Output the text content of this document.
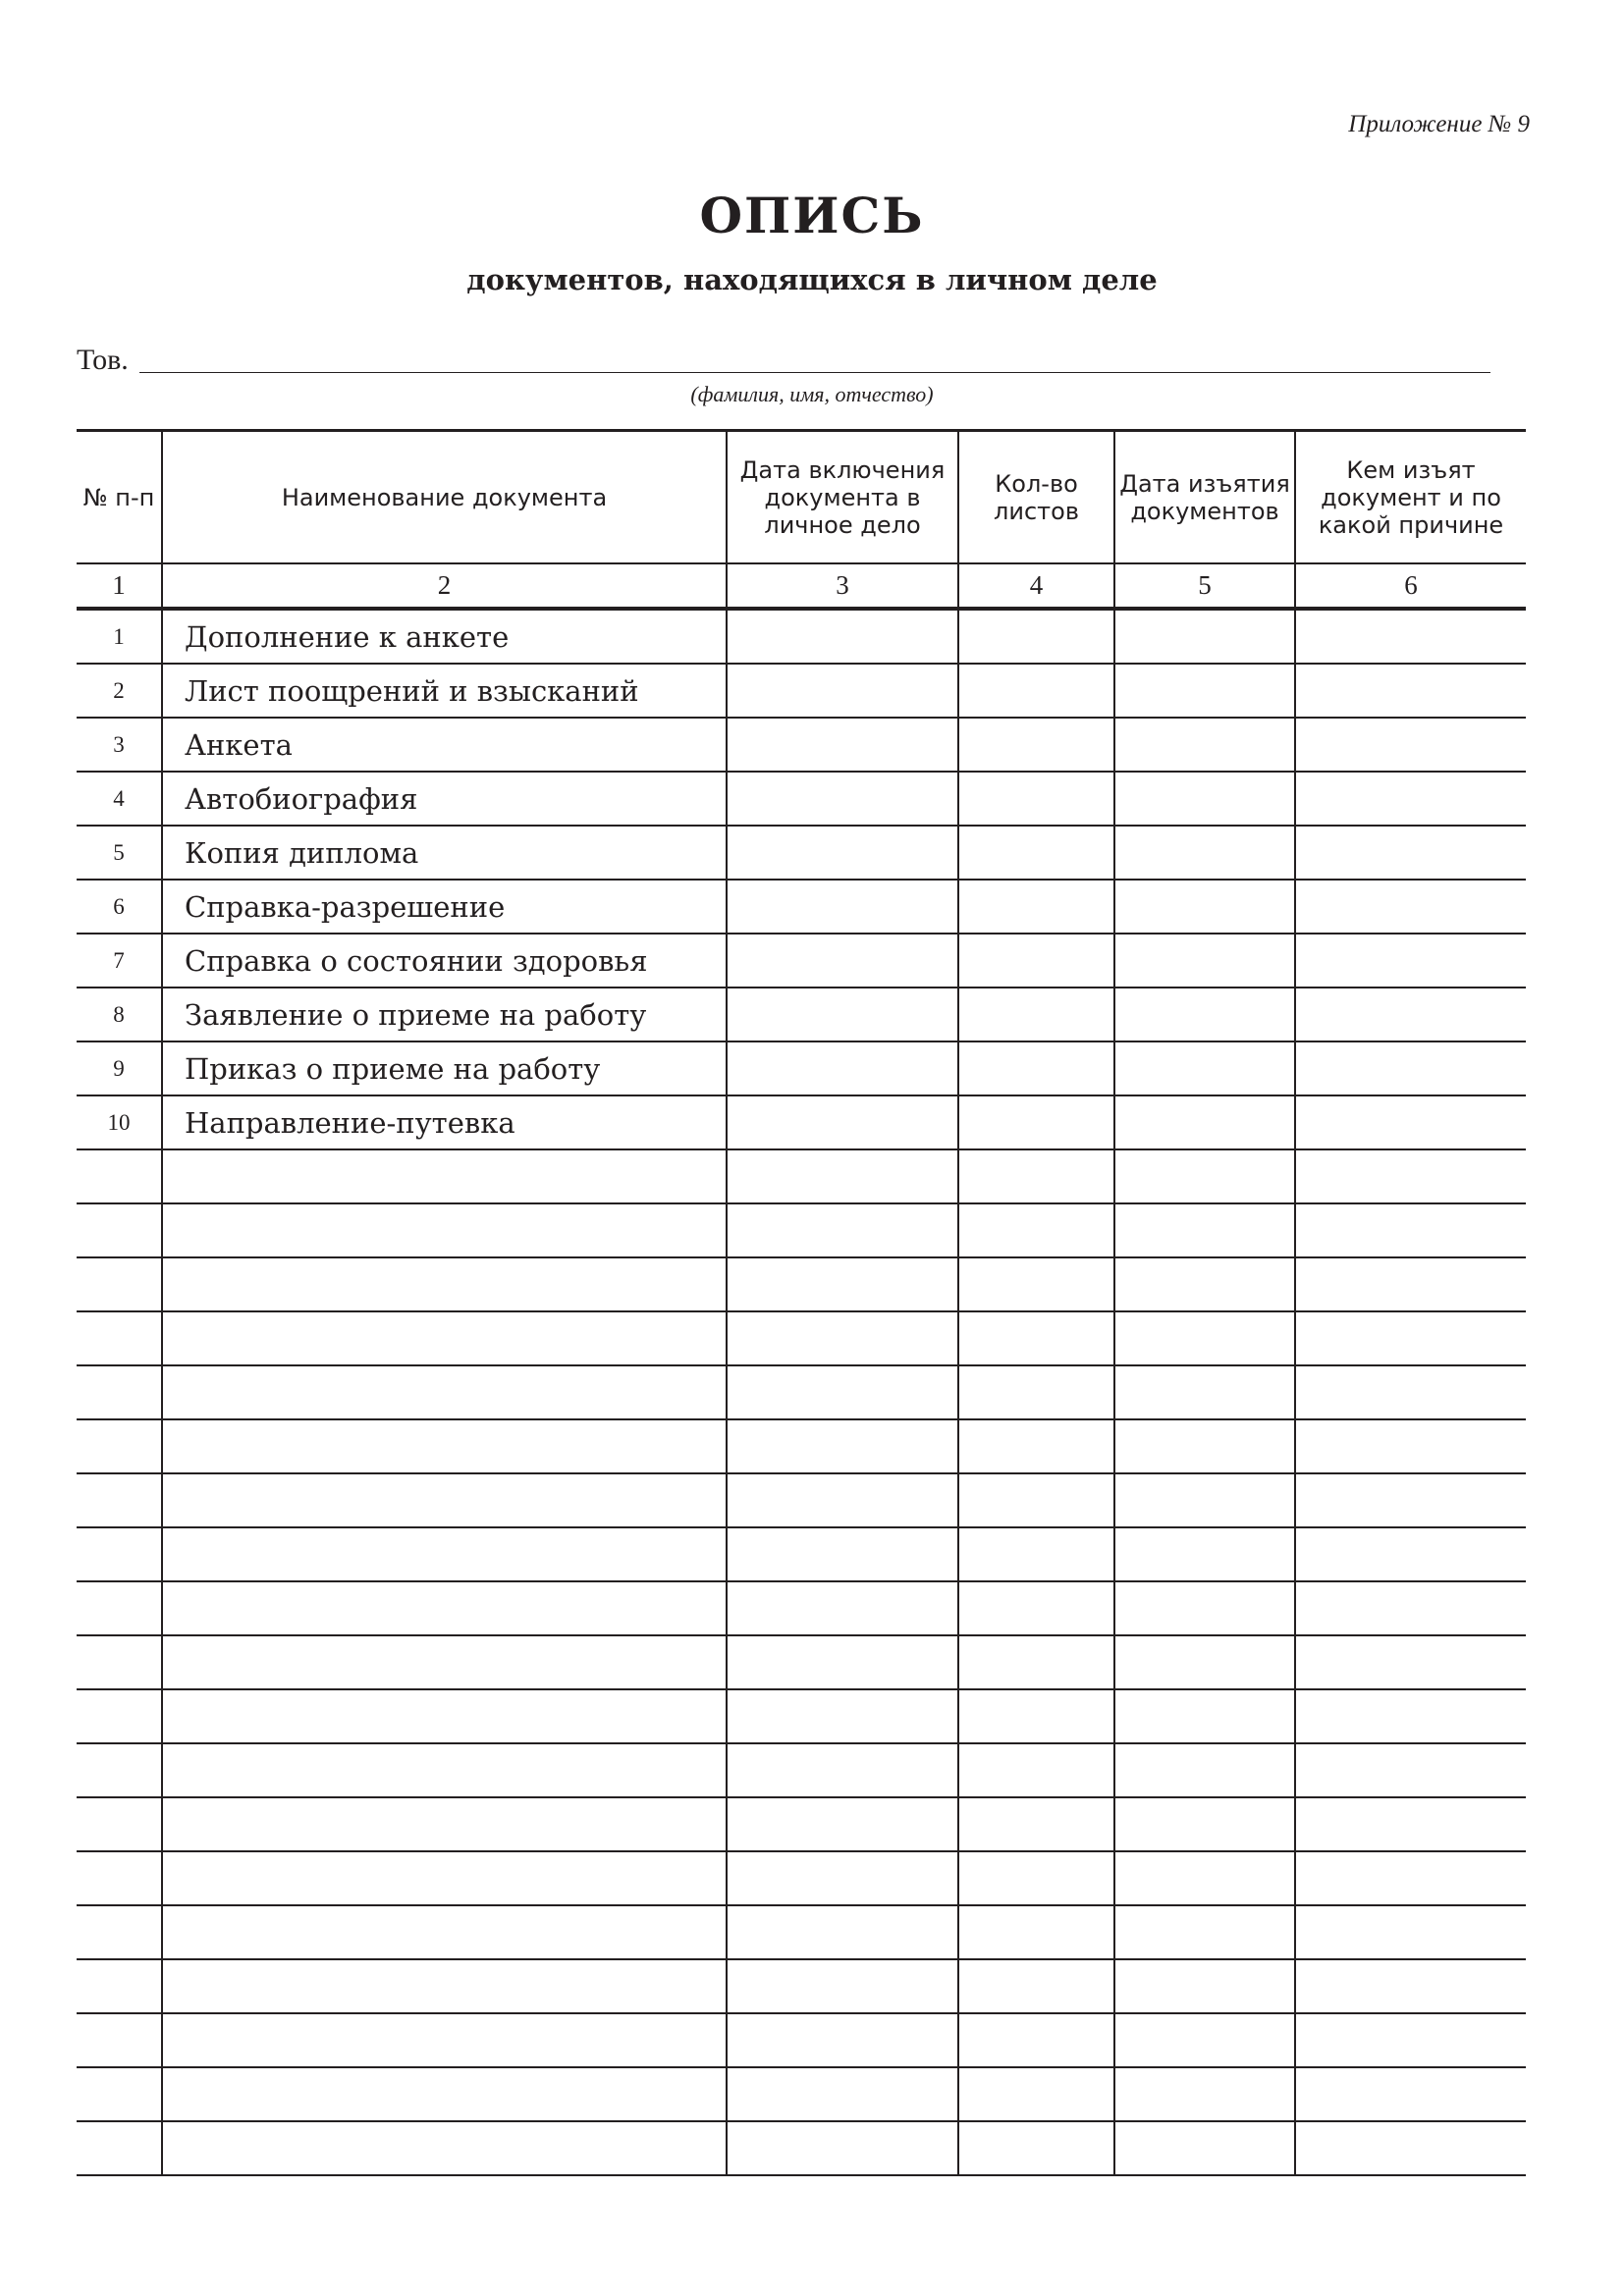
Приложение № 9
ОПИСЬ
документов, находящихся в личном деле
Тов.
(фамилия, имя, отчество)
№ п-п	Наименование документа	Дата включения документа в личное дело	Кол-во листов	Дата изъятия документов	Кем изъят документ и по какой причине
1	2	3	4	5	6
1	Дополнение к анкете				
2	Лист поощрений и взысканий				
3	Анкета				
4	Автобиография				
5	Копия диплома				
6	Справка-разрешение				
7	Справка о состоянии здоровья				
8	Заявление о приеме на работу				
9	Приказ о приеме на работу				
10	Направление-путевка				
